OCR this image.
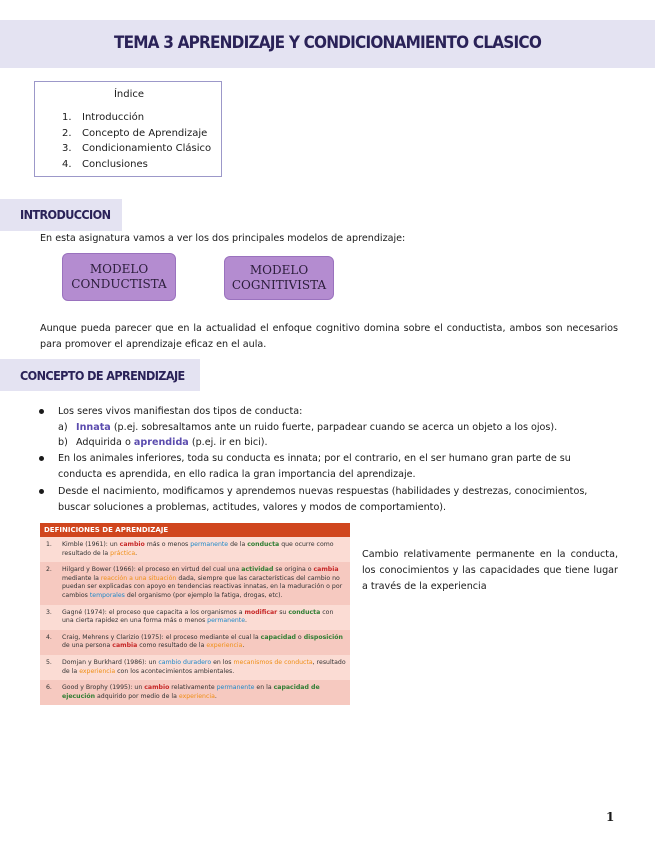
TEMA 3 APRENDIZAJE Y CONDICIONAMIENTO CLASICO
Índice
1. Introducción
2. Concepto de Aprendizaje
3. Condicionamiento Clásico
4. Conclusiones
INTRODUCCION
En esta asignatura vamos a ver los dos principales modelos de aprendizaje:
MODELO CONDUCTISTA
MODELO COGNITIVISTA
Aunque pueda parecer que en la actualidad el enfoque cognitivo domina sobre el conductista, ambos son necesarios para promover el aprendizaje eficaz en el aula.
CONCEPTO DE APRENDIZAJE
Los seres vivos manifiestan dos tipos de conducta:
a) Innata (p.ej. sobresaltamos ante un ruido fuerte, parpadear cuando se acerca un objeto a los ojos).
b) Adquirida o aprendida (p.ej. ir en bici).
En los animales inferiores, toda su conducta es innata; por el contrario, en el ser humano gran parte de su conducta es aprendida, en ello radica la gran importancia del aprendizaje.
Desde el nacimiento, modificamos y aprendemos nuevas respuestas (habilidades y destrezas, conocimientos, buscar soluciones a problemas, actitudes, valores y modos de comportamiento).
DEFINICIONES DE APRENDIZAJE
1. Kimble (1961): un cambio más o menos permanente de la conducta que ocurre como resultado de la práctica.
2. Hilgard y Bower (1966): el proceso en virtud del cual una actividad se origina o cambia mediante la reacción a una situación dada, siempre que las características del cambio no puedan ser explicadas con apoyo en tendencias reactivas innatas, en la maduración o por cambios temporales del organismo (por ejemplo la fatiga, drogas, etc).
3. Gagné (1974): el proceso que capacita a los organismos a modificar su conducta con una cierta rapidez en una forma más o menos permanente.
4. Craig, Mehrens y Clarizio (1975): el proceso mediante el cual la capacidad o disposición de una persona cambia como resultado de la experiencia.
5. Domjan y Burkhard (1986): un cambio duradero en los mecanismos de conducta, resultado de la experiencia con los acontecimientos ambientales.
6. Good y Brophy (1995): un cambio relativamente permanente en la capacidad de ejecución adquirido por medio de la experiencia.
Cambio relativamente permanente en la conducta, los conocimientos y las capacidades que tiene lugar a través de la experiencia
1
